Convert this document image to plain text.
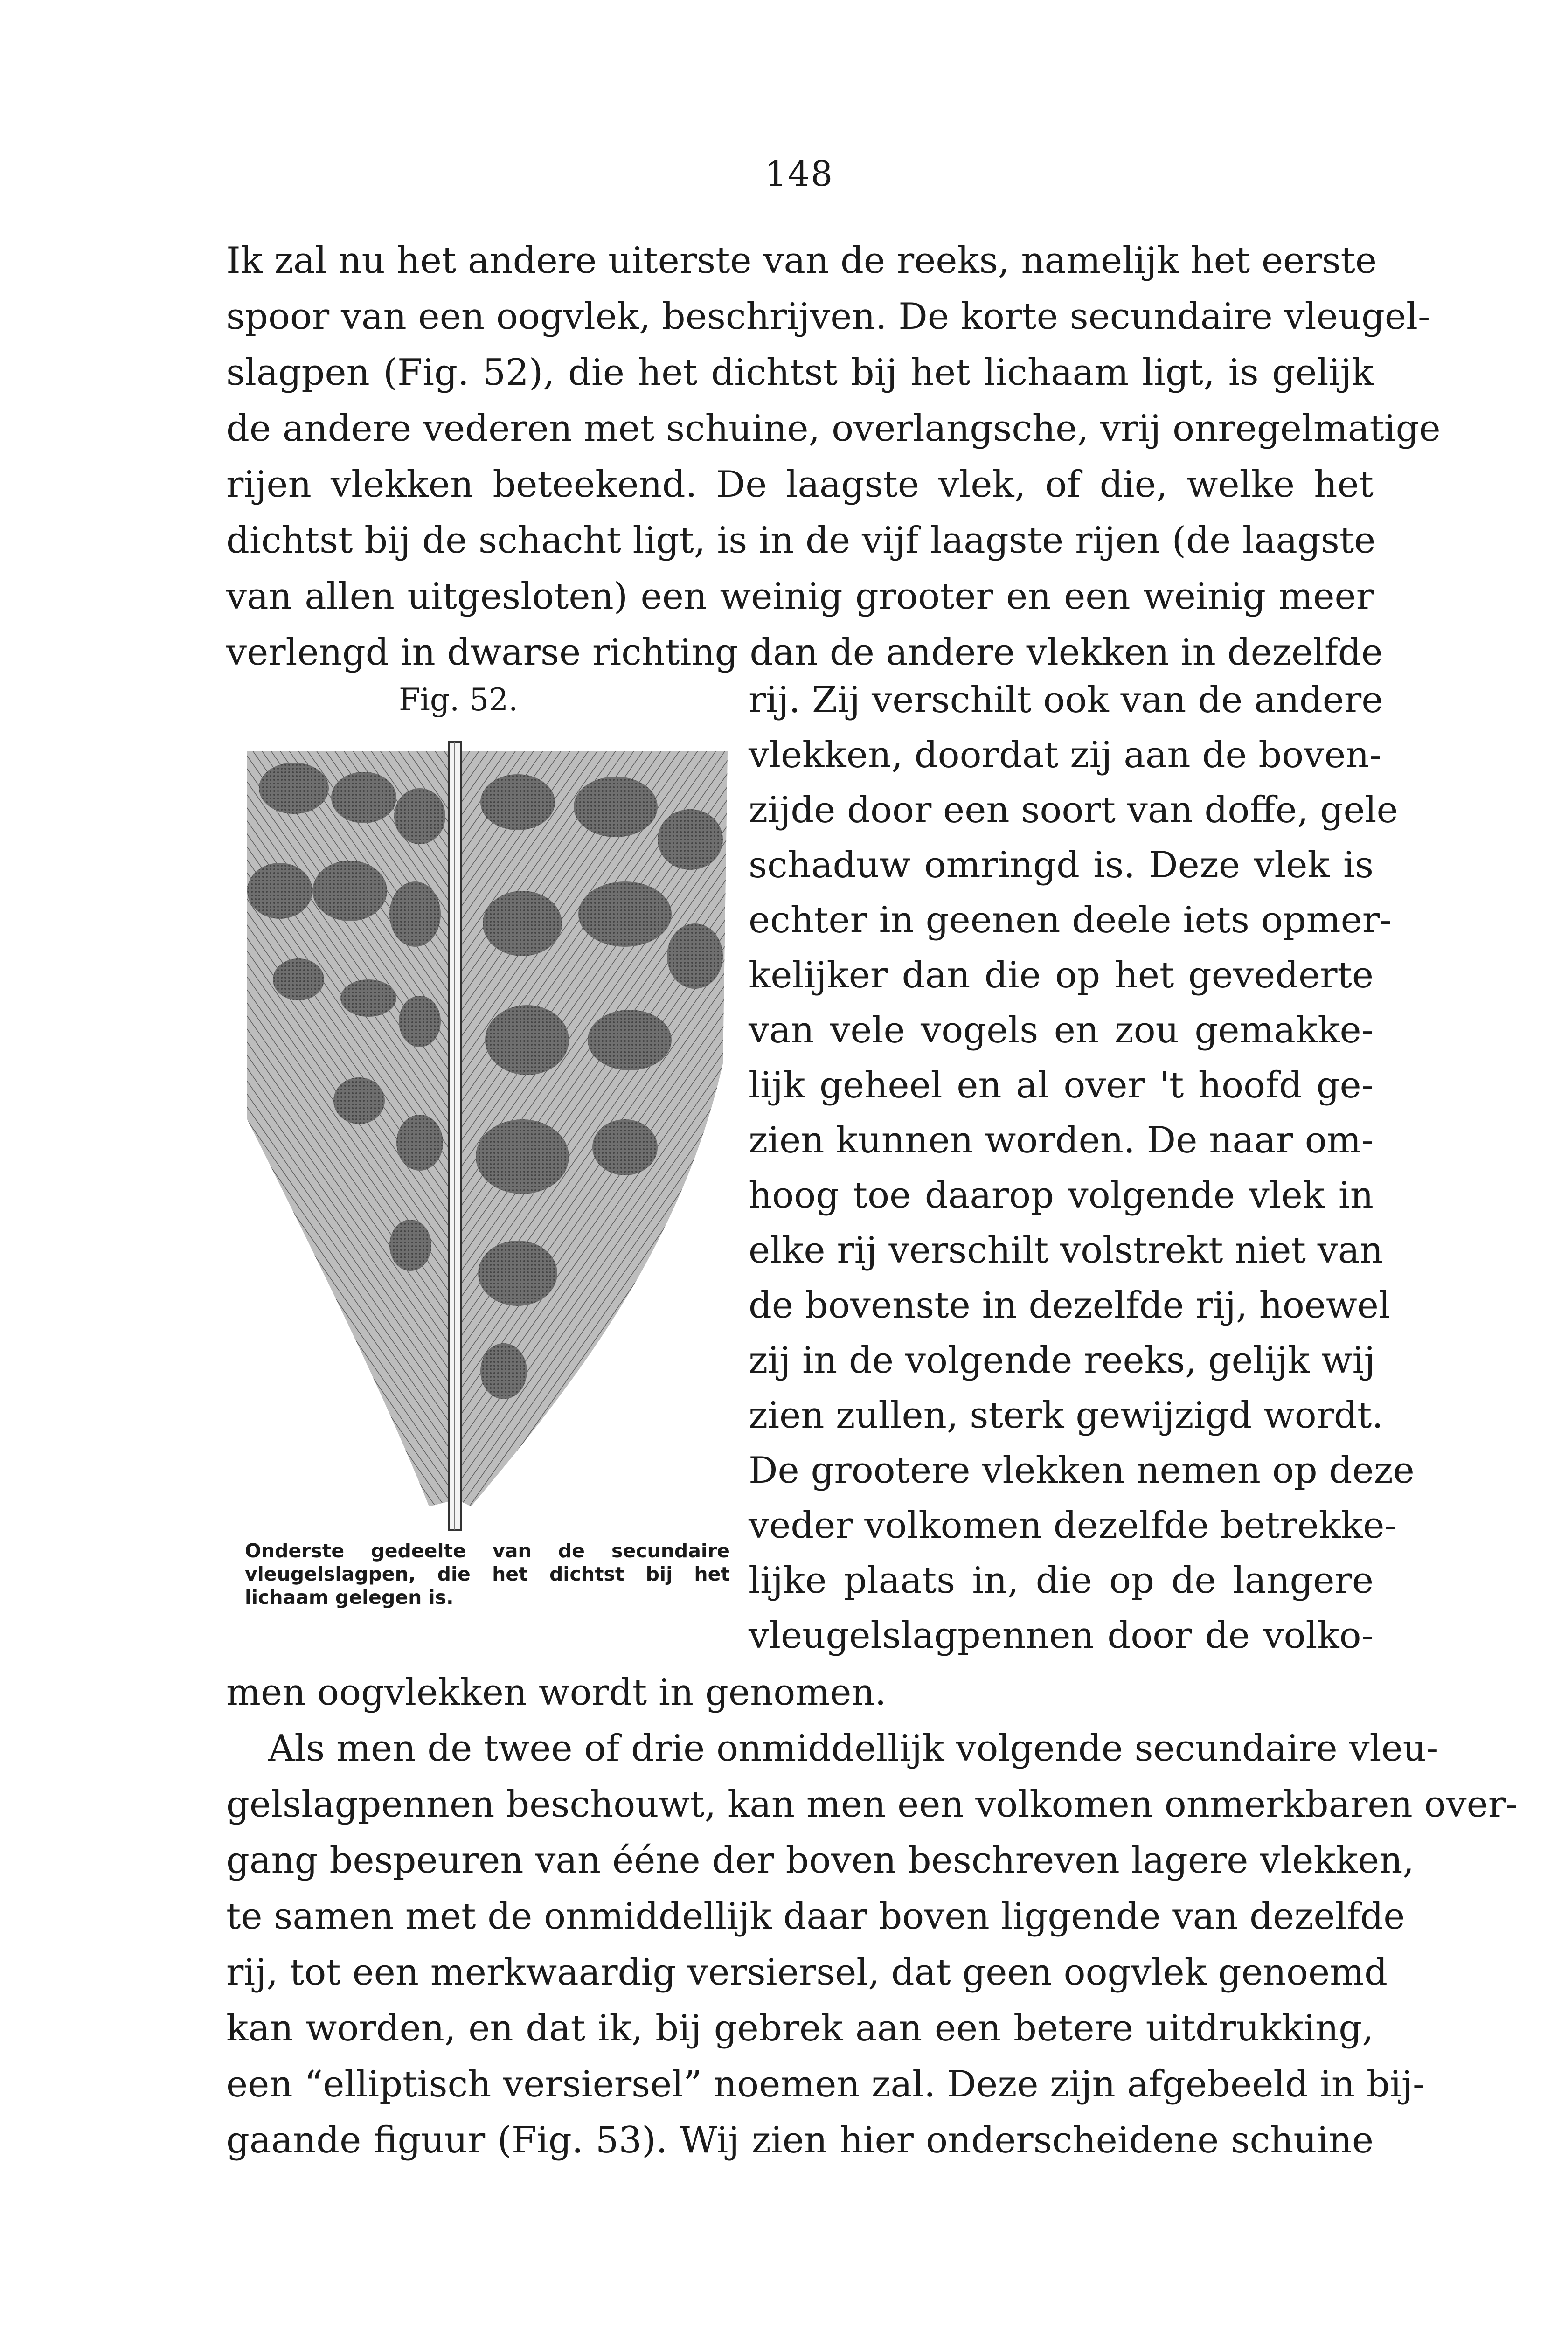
148

Ik zal nu het andere uiterste van de reeks, namelijk het eerste

spoor van een oogvlek, beschrijven. De korte secundaire vleugel-

slagpen (Fig. 52), die het dichtst bij het lichaam ligt, is gelijk

de andere vederen met schuine, overlangsche, vrij onregelmatige

rijen vlekken beteekend. De laagste vlek, of die, welke het

dichtst bij de schacht ligt, is in de vijf laagste rijen (de laagste

van allen uitgesloten) een weinig grooter en een weinig meer

verlengd in dwarse richting dan de andere vlekken in dezelfde

Fig. 52.
Onderste gedeelte van de secundaire vleugelslagpen, die het dichtst bij het lichaam gelegen is.

rij. Zij verschilt ook van de andere

vlekken, doordat zij aan de boven-

zijde door een soort van doffe, gele

schaduw omringd is. Deze vlek is

echter in geenen deele iets opmer-

kelijker dan die op het gevederte

van vele vogels en zou gemakke-

lijk geheel en al over 't hoofd ge-

zien kunnen worden. De naar om-

hoog toe daarop volgende vlek in

elke rij verschilt volstrekt niet van

de bovenste in dezelfde rij, hoewel

zij in de volgende reeks, gelijk wij

zien zullen, sterk gewijzigd wordt.

De grootere vlekken nemen op deze

veder volkomen dezelfde betrekke-

lijke plaats in, die op de langere

vleugelslagpennen door de volko-

men oogvlekken wordt in genomen.

Als men de twee of drie onmiddellijk volgende secundaire vleu-

gelslagpennen beschouwt, kan men een volkomen onmerkbaren over-

gang bespeuren van ééne der boven beschreven lagere vlekken,

te samen met de onmiddellijk daar boven liggende van dezelfde

rij, tot een merkwaardig versiersel, dat geen oogvlek genoemd

kan worden, en dat ik, bij gebrek aan een betere uitdrukking,

een “elliptisch versiersel” noemen zal. Deze zijn afgebeeld in bij-

gaande figuur (Fig. 53). Wij zien hier onderscheidene schuine
